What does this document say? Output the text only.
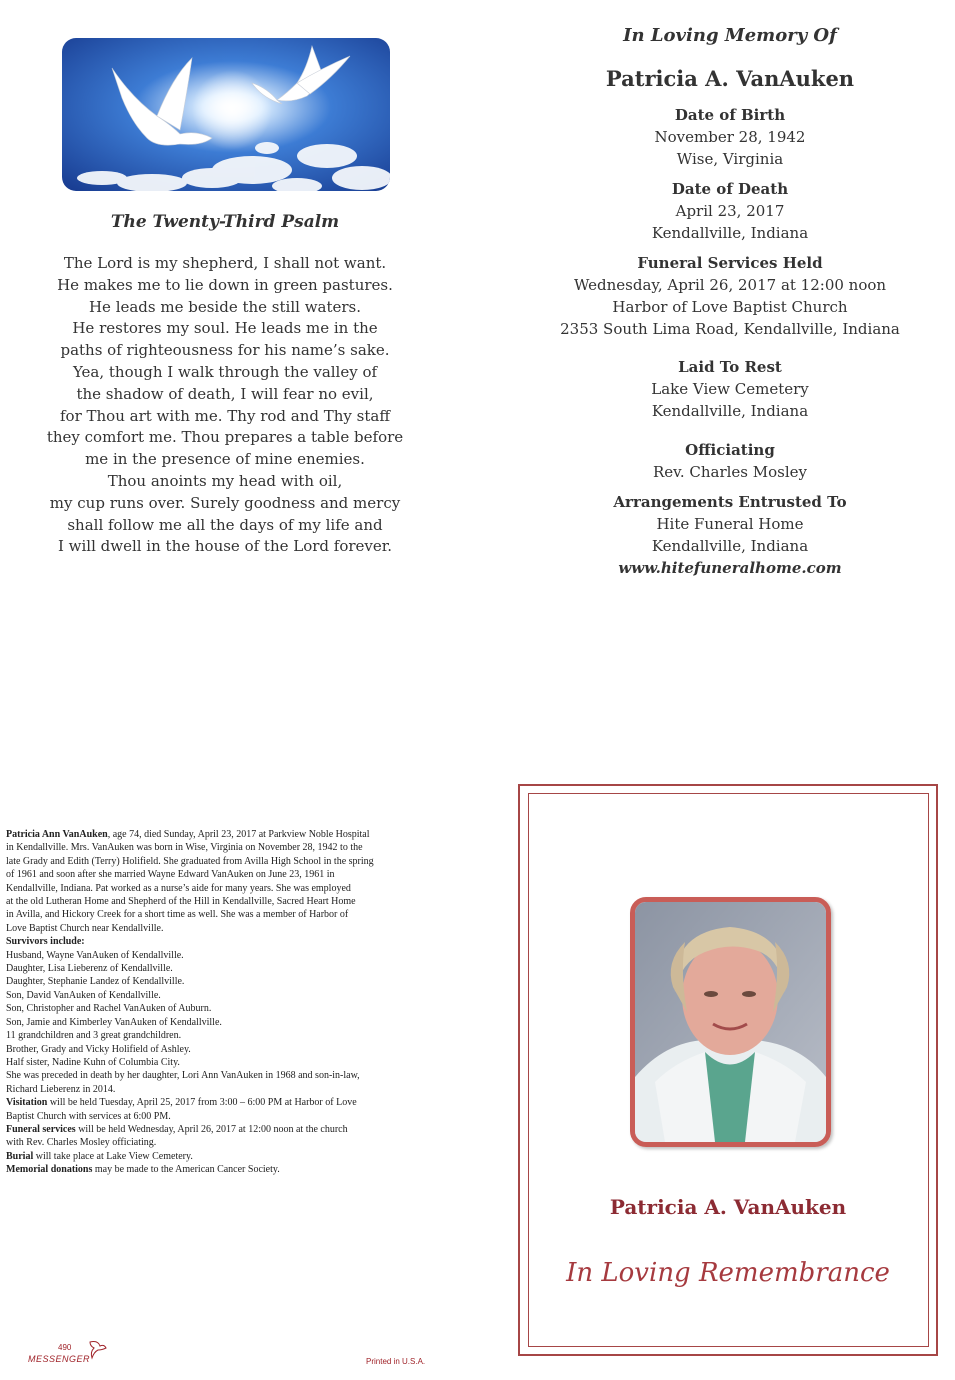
The Twenty-Third Psalm
The Lord is my shepherd, I shall not want.
He makes me to lie down in green pastures.
He leads me beside the still waters.
He restores my soul. He leads me in the
paths of righteousness for his name’s sake.
Yea, though I walk through the valley of
the shadow of death, I will fear no evil,
for Thou art with me. Thy rod and Thy staff
they comfort me. Thou prepares a table before
me in the presence of mine enemies.
Thou anoints my head with oil,
my cup runs over. Surely goodness and mercy
shall follow me all the days of my life and
I will dwell in the house of the Lord forever.
In Loving Memory Of
Patricia A. VanAuken
Date of Birth
November 28, 1942
Wise, Virginia
Date of Death
April 23, 2017
Kendallville, Indiana
Funeral Services Held
Wednesday, April 26, 2017 at 12:00 noon
Harbor of Love Baptist Church
2353 South Lima Road, Kendallville, Indiana
Laid To Rest
Lake View Cemetery
Kendallville, Indiana
Officiating
Rev. Charles Mosley
Arrangements Entrusted To
Hite Funeral Home
Kendallville, Indiana
www.hitefuneralhome.com
Patricia Ann VanAuken, age 74, died Sunday, April 23, 2017 at Parkview Noble Hospital
in Kendallville. Mrs. VanAuken was born in Wise, Virginia on November 28, 1942 to the
late Grady and Edith (Terry) Holifield. She graduated from Avilla High School in the spring
of 1961 and soon after she married Wayne Edward VanAuken on June 23, 1961 in
Kendallville, Indiana. Pat worked as a nurse’s aide for many years. She was employed
at the old Lutheran Home and Shepherd of the Hill in Kendallville, Sacred Heart Home
in Avilla, and Hickory Creek for a short time as well. She was a member of Harbor of
Love Baptist Church near Kendallville.
Survivors include:
Husband, Wayne VanAuken of Kendallville.
Daughter, Lisa Lieberenz of Kendallville.
Daughter, Stephanie Landez of Kendallville.
Son, David VanAuken of Kendallville.
Son, Christopher and Rachel VanAuken of Auburn.
Son, Jamie and Kimberley VanAuken of Kendallville.
11 grandchildren and 3 great grandchildren.
Brother, Grady and Vicky Holifield of Ashley.
Half sister, Nadine Kuhn of Columbia City.
She was preceded in death by her daughter, Lori Ann VanAuken in 1968 and son-in-law,
Richard Lieberenz in 2014.
Visitation will be held Tuesday, April 25, 2017 from 3:00 – 6:00 PM at Harbor of Love
Baptist Church with services at 6:00 PM.
Funeral services will be held Wednesday, April 26, 2017 at 12:00 noon at the church
with Rev. Charles Mosley officiating.
Burial will take place at Lake View Cemetery.
Memorial donations may be made to the American Cancer Society.
490
MESSENGER	Printed in U.S.A.
Patricia A. VanAuken
In Loving Remembrance
